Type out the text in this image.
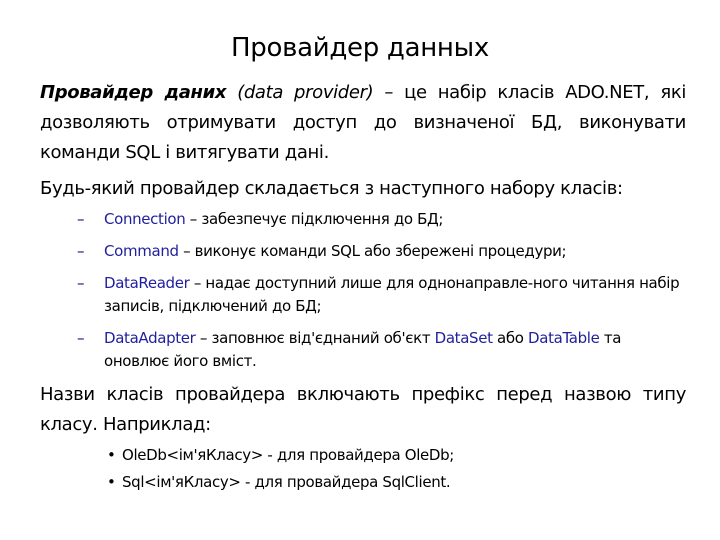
Провайдер данных

Провайдер даних (data provider) – це набір класів ADO.NET, які дозволяють отримувати доступ до визначеної БД, виконувати команди SQL і витягувати дані.

Будь-який провайдер складається з наступного набору класів:

– Connection – забезпечує підключення до БД;
– Command – виконує команди SQL або збережені процедури;
– DataReader – надає доступний лише для однонаправле-ного читання набір записів, підключений до БД;
– DataAdapter – заповнює від'єднаний об'єкт DataSet або DataTable та оновлює його вміст.

Назви класів провайдера включають префікс перед назвою типу класу. Наприклад:

• OleDb<ім'яКласу> - для провайдера OleDb;
• Sql<ім'яКласу> - для провайдера SqlClient.
